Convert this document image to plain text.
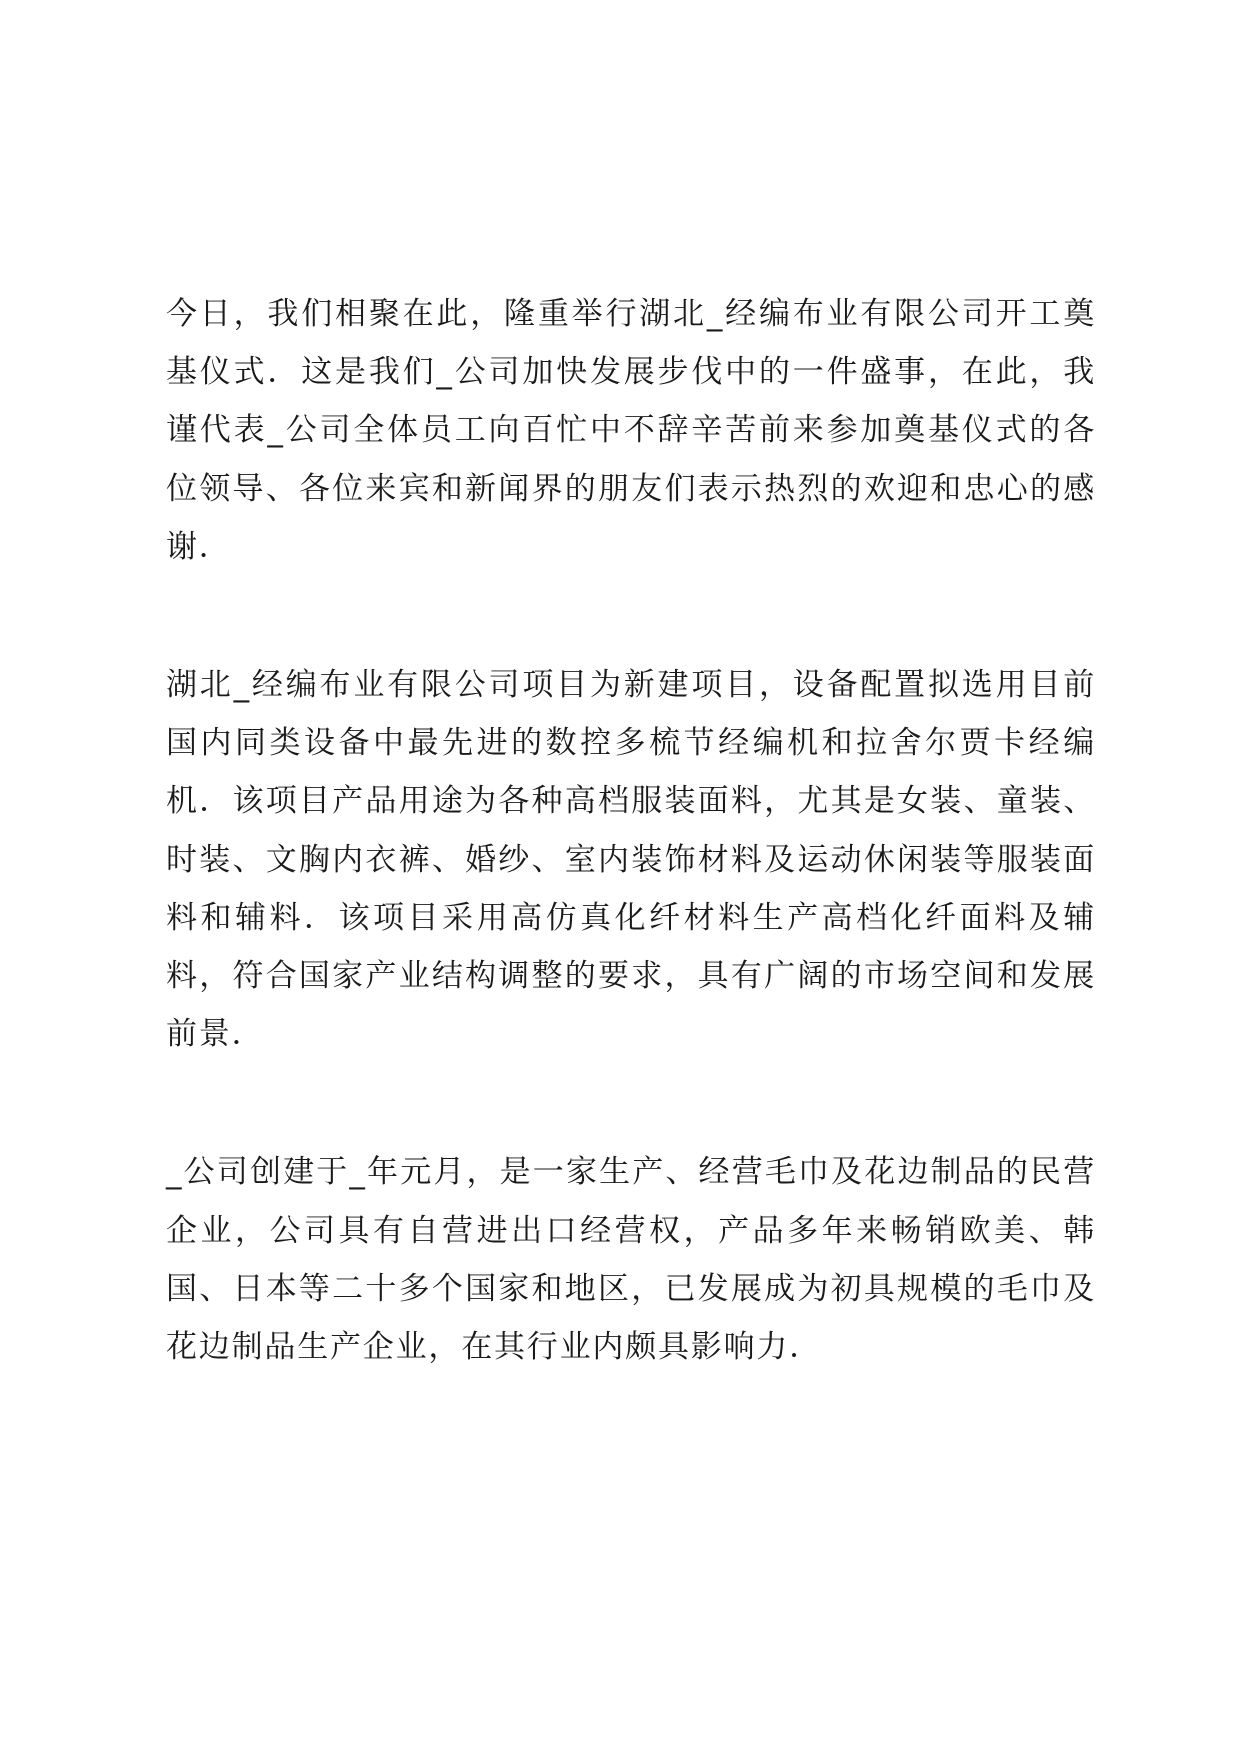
今日，我们相聚在此，隆重举行湖北_经编布业有限公司开工奠
基仪式．这是我们_公司加快发展步伐中的一件盛事，在此，我
谨代表_公司全体员工向百忙中不辞辛苦前来参加奠基仪式的各
位领导、各位来宾和新闻界的朋友们表示热烈的欢迎和忠心的感
谢．

湖北_经编布业有限公司项目为新建项目，设备配置拟选用目前
国内同类设备中最先进的数控多梳节经编机和拉舍尔贾卡经编
机．该项目产品用途为各种高档服装面料，尤其是女装、童装、
时装、文胸内衣裤、婚纱、室内装饰材料及运动休闲装等服装面
料和辅料．该项目采用高仿真化纤材料生产高档化纤面料及辅
料，符合国家产业结构调整的要求，具有广阔的市场空间和发展
前景．

_公司创建于_年元月，是一家生产、经营毛巾及花边制品的民营
企业，公司具有自营进出口经营权，产品多年来畅销欧美、韩
国、日本等二十多个国家和地区，已发展成为初具规模的毛巾及
花边制品生产企业，在其行业内颇具影响力．
